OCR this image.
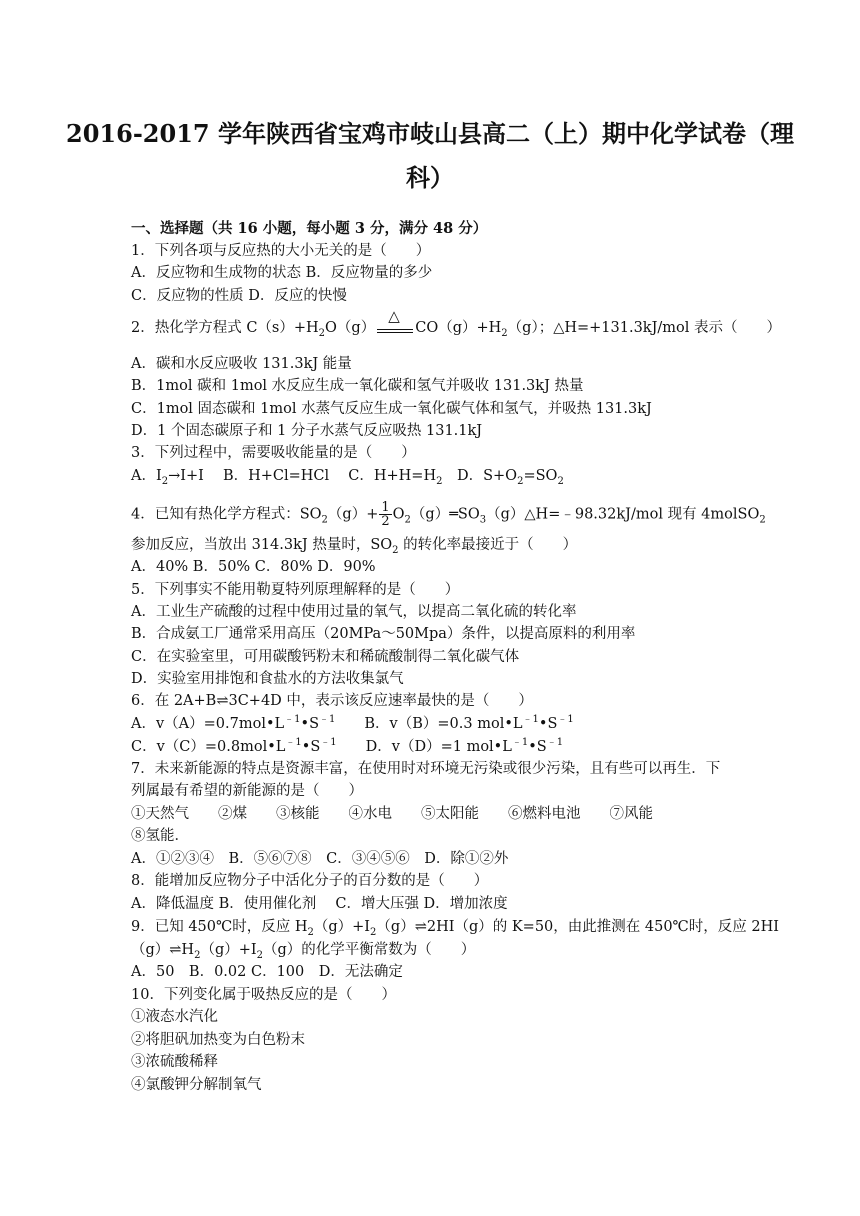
2016-2017 学年陕西省宝鸡市岐山县高二（上）期中化学试卷（理
科）
一、选择题（共 16 小题，每小题 3 分，满分 48 分）
1．下列各项与反应热的大小无关的是（　　）
A．反应物和生成物的状态 B．反应物量的多少
C．反应物的性质 D．反应的快慢
2．热化学方程式 $C(s)+H_2O(g)$
△
$CO(g)+H_2(g)$；△H=+131.3kJ/mol 表示（　　）
A．碳和水反应吸收 131.3kJ 能量
B．1mol 碳和 1mol 水反应生成一氧化碳和氢气并吸收 131.3kJ 热量
C．1mol 固态碳和 1mol 水蒸气反应生成一氧化碳气体和氢气，并吸热 131.3kJ
D．1 个固态碳原子和 1 分子水蒸气反应吸热 131.1kJ
3．下列过程中，需要吸收能量的是（　　）
A．$I_2\to I+I$　 B．H+Cl=HCl　 C．$H+H=H_2$　D．$S+O_2=SO_2$
4．已知有热化学方程式：$SO_2(g)+ \frac{1}{2}$ $O_2(g)═SO_3(g)\triangle H=﹣98.32kJ$/mol 现有 4molSO$_2$
参加反应，当放出 314.3kJ 热量时，$SO_2$ 的转化率最接近于（　　）
A．40% B．50% C．80% D．90%
5．下列事实不能用勒夏特列原理解释的是（　　）
A．工业生产硫酸的过程中使用过量的氧气，以提高二氧化硫的转化率
B．合成氨工厂通常采用高压（20MPa～50Mpa）条件，以提高原料的利用率
C．在实验室里，可用碳酸钙粉末和稀硫酸制得二氧化碳气体
D．实验室用排饱和食盐水的方法收集氯气
6．在 2A+B⇌3C+4D 中，表示该反应速率最快的是（　　）
A．$v(A)=0.7mol•L^{﹣1}•S^{﹣1}$　　B．v（B）=0.3 $mol•L^{﹣1}•S^{﹣1}$
C．$v(C)=0.8mol•L^{﹣1}•S^{﹣1}$　　D．v（D）=1 $mol•L^{﹣1}•S^{﹣1}$
7．未来新能源的特点是资源丰富，在使用时对环境无污染或很少污染，且有些可以再生．下
列属最有希望的新能源的是（　　）
①天然气　　②煤　　③核能　　④水电　　⑤太阳能　　⑥燃料电池　　⑦风能
⑧氢能．
A．①②③④　B．⑤⑥⑦⑧　C．③④⑤⑥　D．除①②外
8．能增加反应物分子中活化分子的百分数的是（　　）
A．降低温度 B．使用催化剂　 C．增大压强 D．增加浓度
9．已知 450℃时，反应 $H_2(g)+I_2(g)\rightleftharpoons 2HI(g)$的 K=50，由此推测在 450℃时，反应 2HI
$(g)\rightleftharpoons H_2(g)+I_2(g)$的化学平衡常数为（　　）
A．50　B．0.02 C．100　D．无法确定
10．下列变化属于吸热反应的是（　　）
①液态水汽化
②将胆矾加热变为白色粉末
③浓硫酸稀释
④氯酸钾分解制氧气
